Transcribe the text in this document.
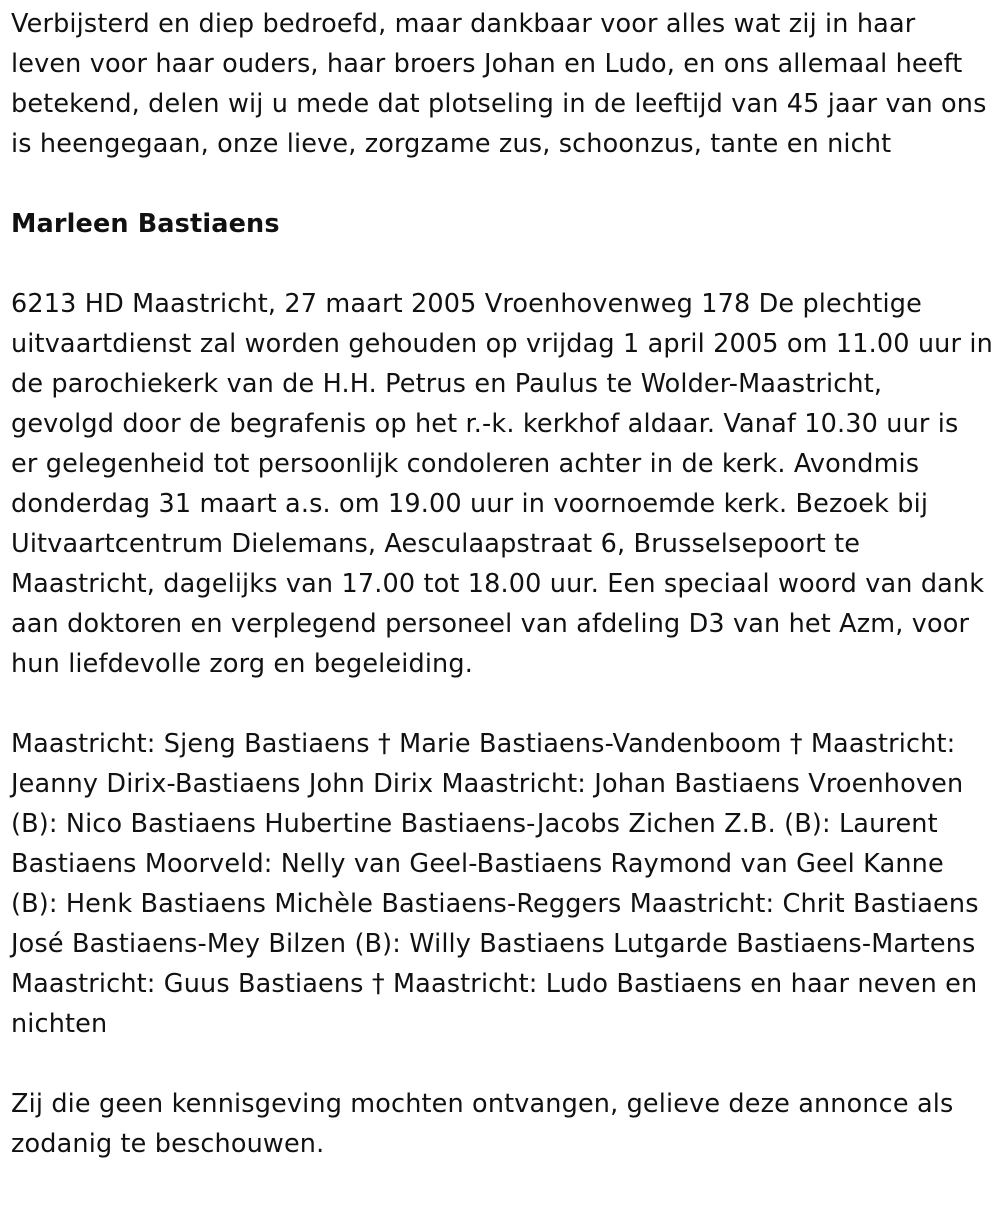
Verbijsterd en diep bedroefd, maar dankbaar voor alles wat zij in haar leven voor haar ouders, haar broers Johan en Ludo, en ons allemaal heeft betekend, delen wij u mede dat plotseling in de leeftijd van 45 jaar van ons is heengegaan, onze lieve, zorgzame zus, schoonzus, tante en nicht

Marleen Bastiaens

6213 HD Maastricht, 27 maart 2005 Vroenhovenweg 178 De plechtige uitvaartdienst zal worden gehouden op vrijdag 1 april 2005 om 11.00 uur in de parochiekerk van de H.H. Petrus en Paulus te Wolder-Maastricht, gevolgd door de begrafenis op het r.-k. kerkhof aldaar. Vanaf 10.30 uur is er gelegenheid tot persoonlijk condoleren achter in de kerk. Avondmis donderdag 31 maart a.s. om 19.00 uur in voornoemde kerk. Bezoek bij Uitvaartcentrum Dielemans, Aesculaapstraat 6, Brusselsepoort te Maastricht, dagelijks van 17.00 tot 18.00 uur. Een speciaal woord van dank aan doktoren en verplegend personeel van afdeling D3 van het Azm, voor hun liefdevolle zorg en begeleiding.

Maastricht: Sjeng Bastiaens † Marie Bastiaens-Vandenboom † Maastricht: Jeanny Dirix-Bastiaens John Dirix Maastricht: Johan Bastiaens Vroenhoven (B): Nico Bastiaens Hubertine Bastiaens-Jacobs Zichen Z.B. (B): Laurent Bastiaens Moorveld: Nelly van Geel-Bastiaens Raymond van Geel Kanne (B): Henk Bastiaens Michèle Bastiaens-Reggers Maastricht: Chrit Bastiaens José Bastiaens-Mey Bilzen (B): Willy Bastiaens Lutgarde Bastiaens-Martens Maastricht: Guus Bastiaens † Maastricht: Ludo Bastiaens en haar neven en nichten

Zij die geen kennisgeving mochten ontvangen, gelieve deze annonce als zodanig te beschouwen.
